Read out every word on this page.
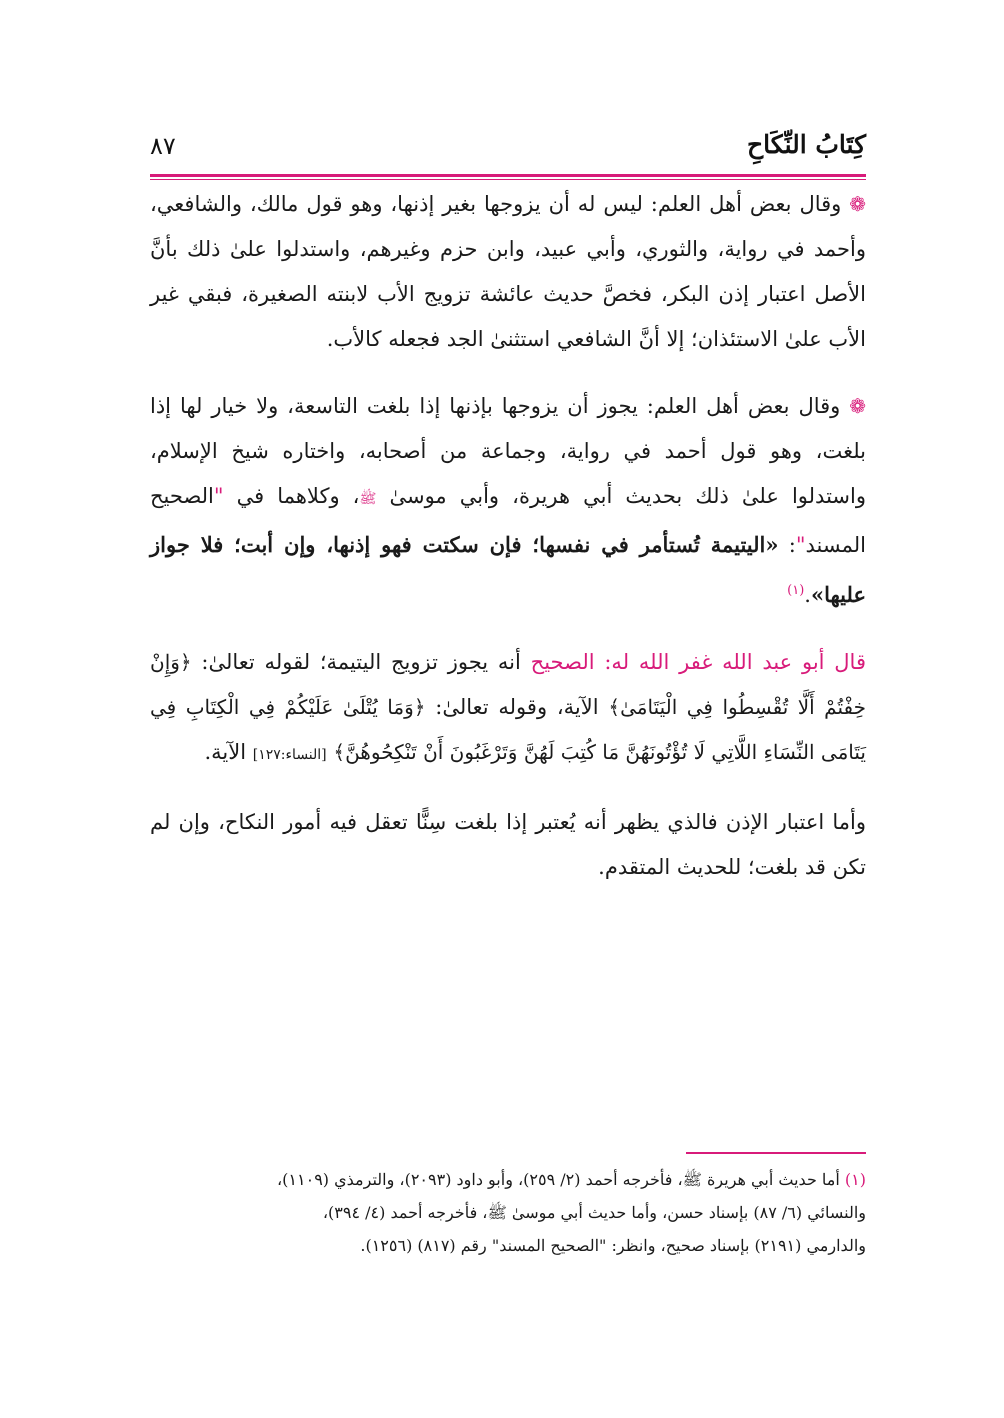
كِتَابُ النِّكَاحِ
٨٧

❁ وقال بعض أهل العلم: ليس له أن يزوجها بغير إذنها، وهو قول مالك، والشافعي، وأحمد في رواية، والثوري، وأبي عبيد، وابن حزم وغيرهم، واستدلوا علىٰ ذلك بأنَّ الأصل اعتبار إذن البكر، فخصَّ حديث عائشة تزويج الأب لابنته الصغيرة، فبقي غير الأب علىٰ الاستئذان؛ إلا أنَّ الشافعي استثنىٰ الجد فجعله كالأب.

❁ وقال بعض أهل العلم: يجوز أن يزوجها بإذنها إذا بلغت التاسعة، ولا خيار لها إذا بلغت، وهو قول أحمد في رواية، وجماعة من أصحابه، واختاره شيخ الإسلام، واستدلوا علىٰ ذلك بحديث أبي هريرة، وأبي موسىٰ ﷺ، وكلاهما في "الصحيح المسند": «اليتيمة تُستأمر في نفسها؛ فإن سكتت فهو إذنها، وإن أبت؛ فلا جواز عليها».$^{(١)}$

قال أبو عبد الله غفر الله له: الصحيح أنه يجوز تزويج اليتيمة؛ لقوله تعالىٰ: ﴿وَإِنْ خِفْتُمْ أَلَّا تُقْسِطُوا فِي الْيَتَامَىٰ﴾ الآية، وقوله تعالىٰ: ﴿وَمَا يُتْلَىٰ عَلَيْكُمْ فِي الْكِتَابِ فِي يَتَامَى النِّسَاءِ اللَّاتِي لَا تُؤْتُونَهُنَّ مَا كُتِبَ لَهُنَّ وَتَرْغَبُونَ أَنْ تَنْكِحُوهُنَّ﴾ [النساء:١٢٧] الآية.

وأما اعتبار الإذن فالذي يظهر أنه يُعتبر إذا بلغت سِنًّا تعقل فيه أمور النكاح، وإن لم تكن قد بلغت؛ للحديث المتقدم.

(١) أما حديث أبي هريرة ﷺ، فأخرجه أحمد (٢/ ٢٥٩)، وأبو داود (٢٠٩٣)، والترمذي (١١٠٩)،

والنسائي (٦/ ٨٧) بإسناد حسن، وأما حديث أبي موسىٰ ﷺ، فأخرجه أحمد (٤/ ٣٩٤)،

والدارمي (٢١٩١) بإسناد صحيح، وانظر: "الصحيح المسند" رقم (٨١٧) (١٢٥٦).
